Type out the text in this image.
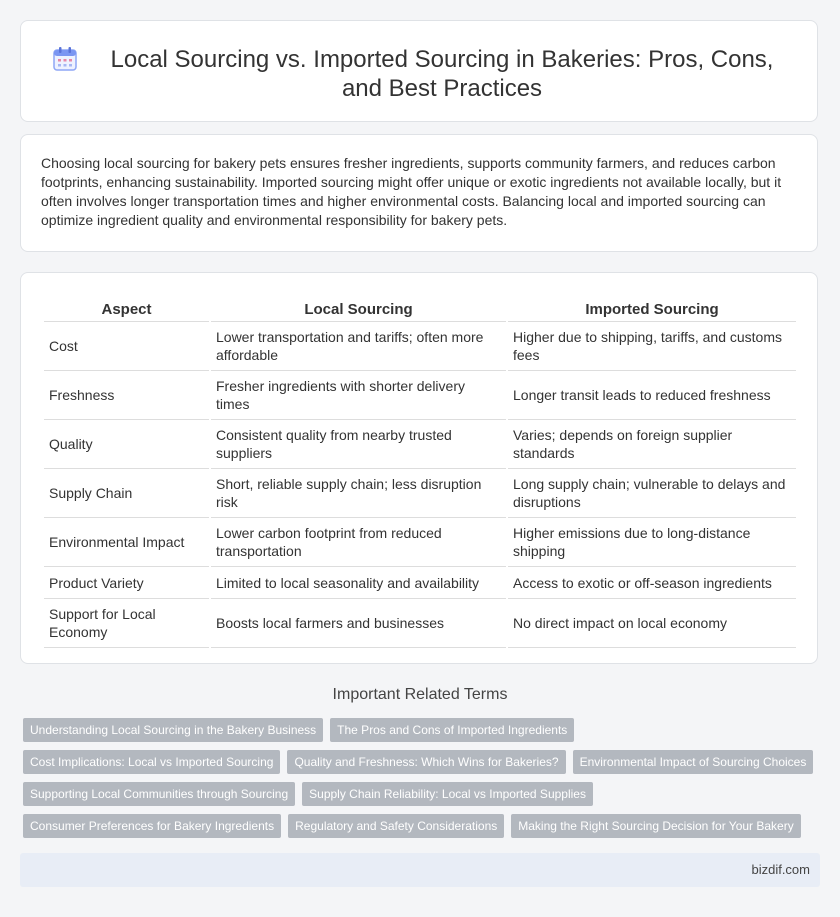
Local Sourcing vs. Imported Sourcing in Bakeries: Pros, Cons, and Best Practices

Choosing local sourcing for bakery pets ensures fresher ingredients, supports community farmers, and reduces carbon footprints, enhancing sustainability. Imported sourcing might offer unique or exotic ingredients not available locally, but it often involves longer transportation times and higher environmental costs. Balancing local and imported sourcing can optimize ingredient quality and environmental responsibility for bakery pets.

Aspect	Local Sourcing	Imported Sourcing
Cost	Lower transportation and tariffs; often more affordable	Higher due to shipping, tariffs, and customs fees
Freshness	Fresher ingredients with shorter delivery times	Longer transit leads to reduced freshness
Quality	Consistent quality from nearby trusted suppliers	Varies; depends on foreign supplier standards
Supply Chain	Short, reliable supply chain; less disruption risk	Long supply chain; vulnerable to delays and disruptions
Environmental Impact	Lower carbon footprint from reduced transportation	Higher emissions due to long-distance shipping
Product Variety	Limited to local seasonality and availability	Access to exotic or off-season ingredients
Support for Local Economy	Boosts local farmers and businesses	No direct impact on local economy
Important Related Terms
Understanding Local Sourcing in the Bakery Business	The Pros and Cons of Imported Ingredients
Cost Implications: Local vs Imported Sourcing	Quality and Freshness: Which Wins for Bakeries?	Environmental Impact of Sourcing Choices
Supporting Local Communities through Sourcing	Supply Chain Reliability: Local vs Imported Supplies
Consumer Preferences for Bakery Ingredients	Regulatory and Safety Considerations	Making the Right Sourcing Decision for Your Bakery
bizdif.com
